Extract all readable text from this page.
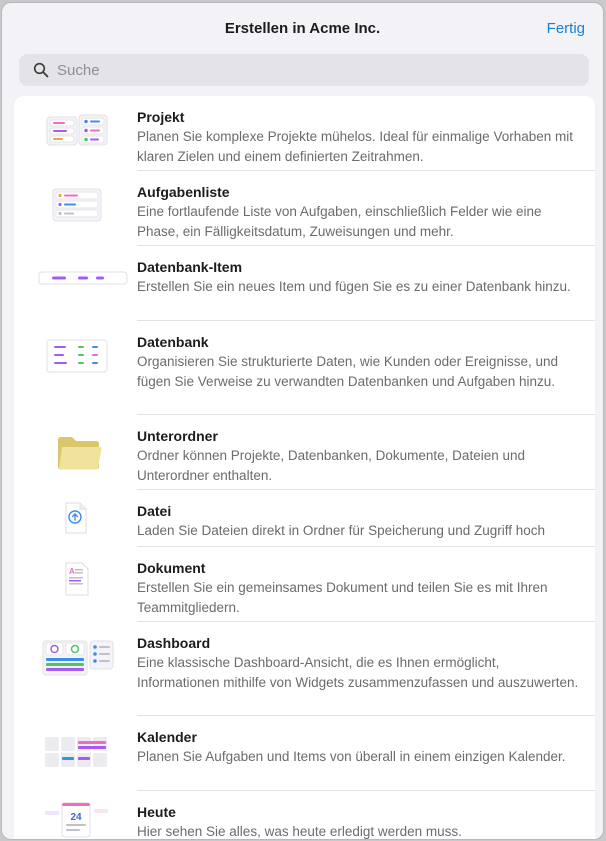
Erstellen in Acme Inc.	Fertig
Suche
Projekt
Planen Sie komplexe Projekte mühelos. Ideal für einmalige Vorhaben mit klaren Zielen und einem definierten Zeitrahmen.
Aufgabenliste
Eine fortlaufende Liste von Aufgaben, einschließlich Felder wie eine Phase, ein Fälligkeitsdatum, Zuweisungen und mehr.
Datenbank-Item
Erstellen Sie ein neues Item und fügen Sie es zu einer Datenbank hinzu.
Datenbank
Organisieren Sie strukturierte Daten, wie Kunden oder Ereignisse, und fügen Sie Verweise zu verwandten Datenbanken und Aufgaben hinzu.
Unterordner
Ordner können Projekte, Datenbanken, Dokumente, Dateien und Unterordner enthalten.
Datei
Laden Sie Dateien direkt in Ordner für Speicherung und Zugriff hoch
A	Dokument
Erstellen Sie ein gemeinsames Dokument und teilen Sie es mit Ihren Teammitgliedern.
Dashboard
Eine klassische Dashboard-Ansicht, die es Ihnen ermöglicht, Informationen mithilfe von Widgets zusammenzufassen und auszuwerten.
Kalender
Planen Sie Aufgaben und Items von überall in einem einzigen Kalender.
24	Heute
Hier sehen Sie alles, was heute erledigt werden muss.
